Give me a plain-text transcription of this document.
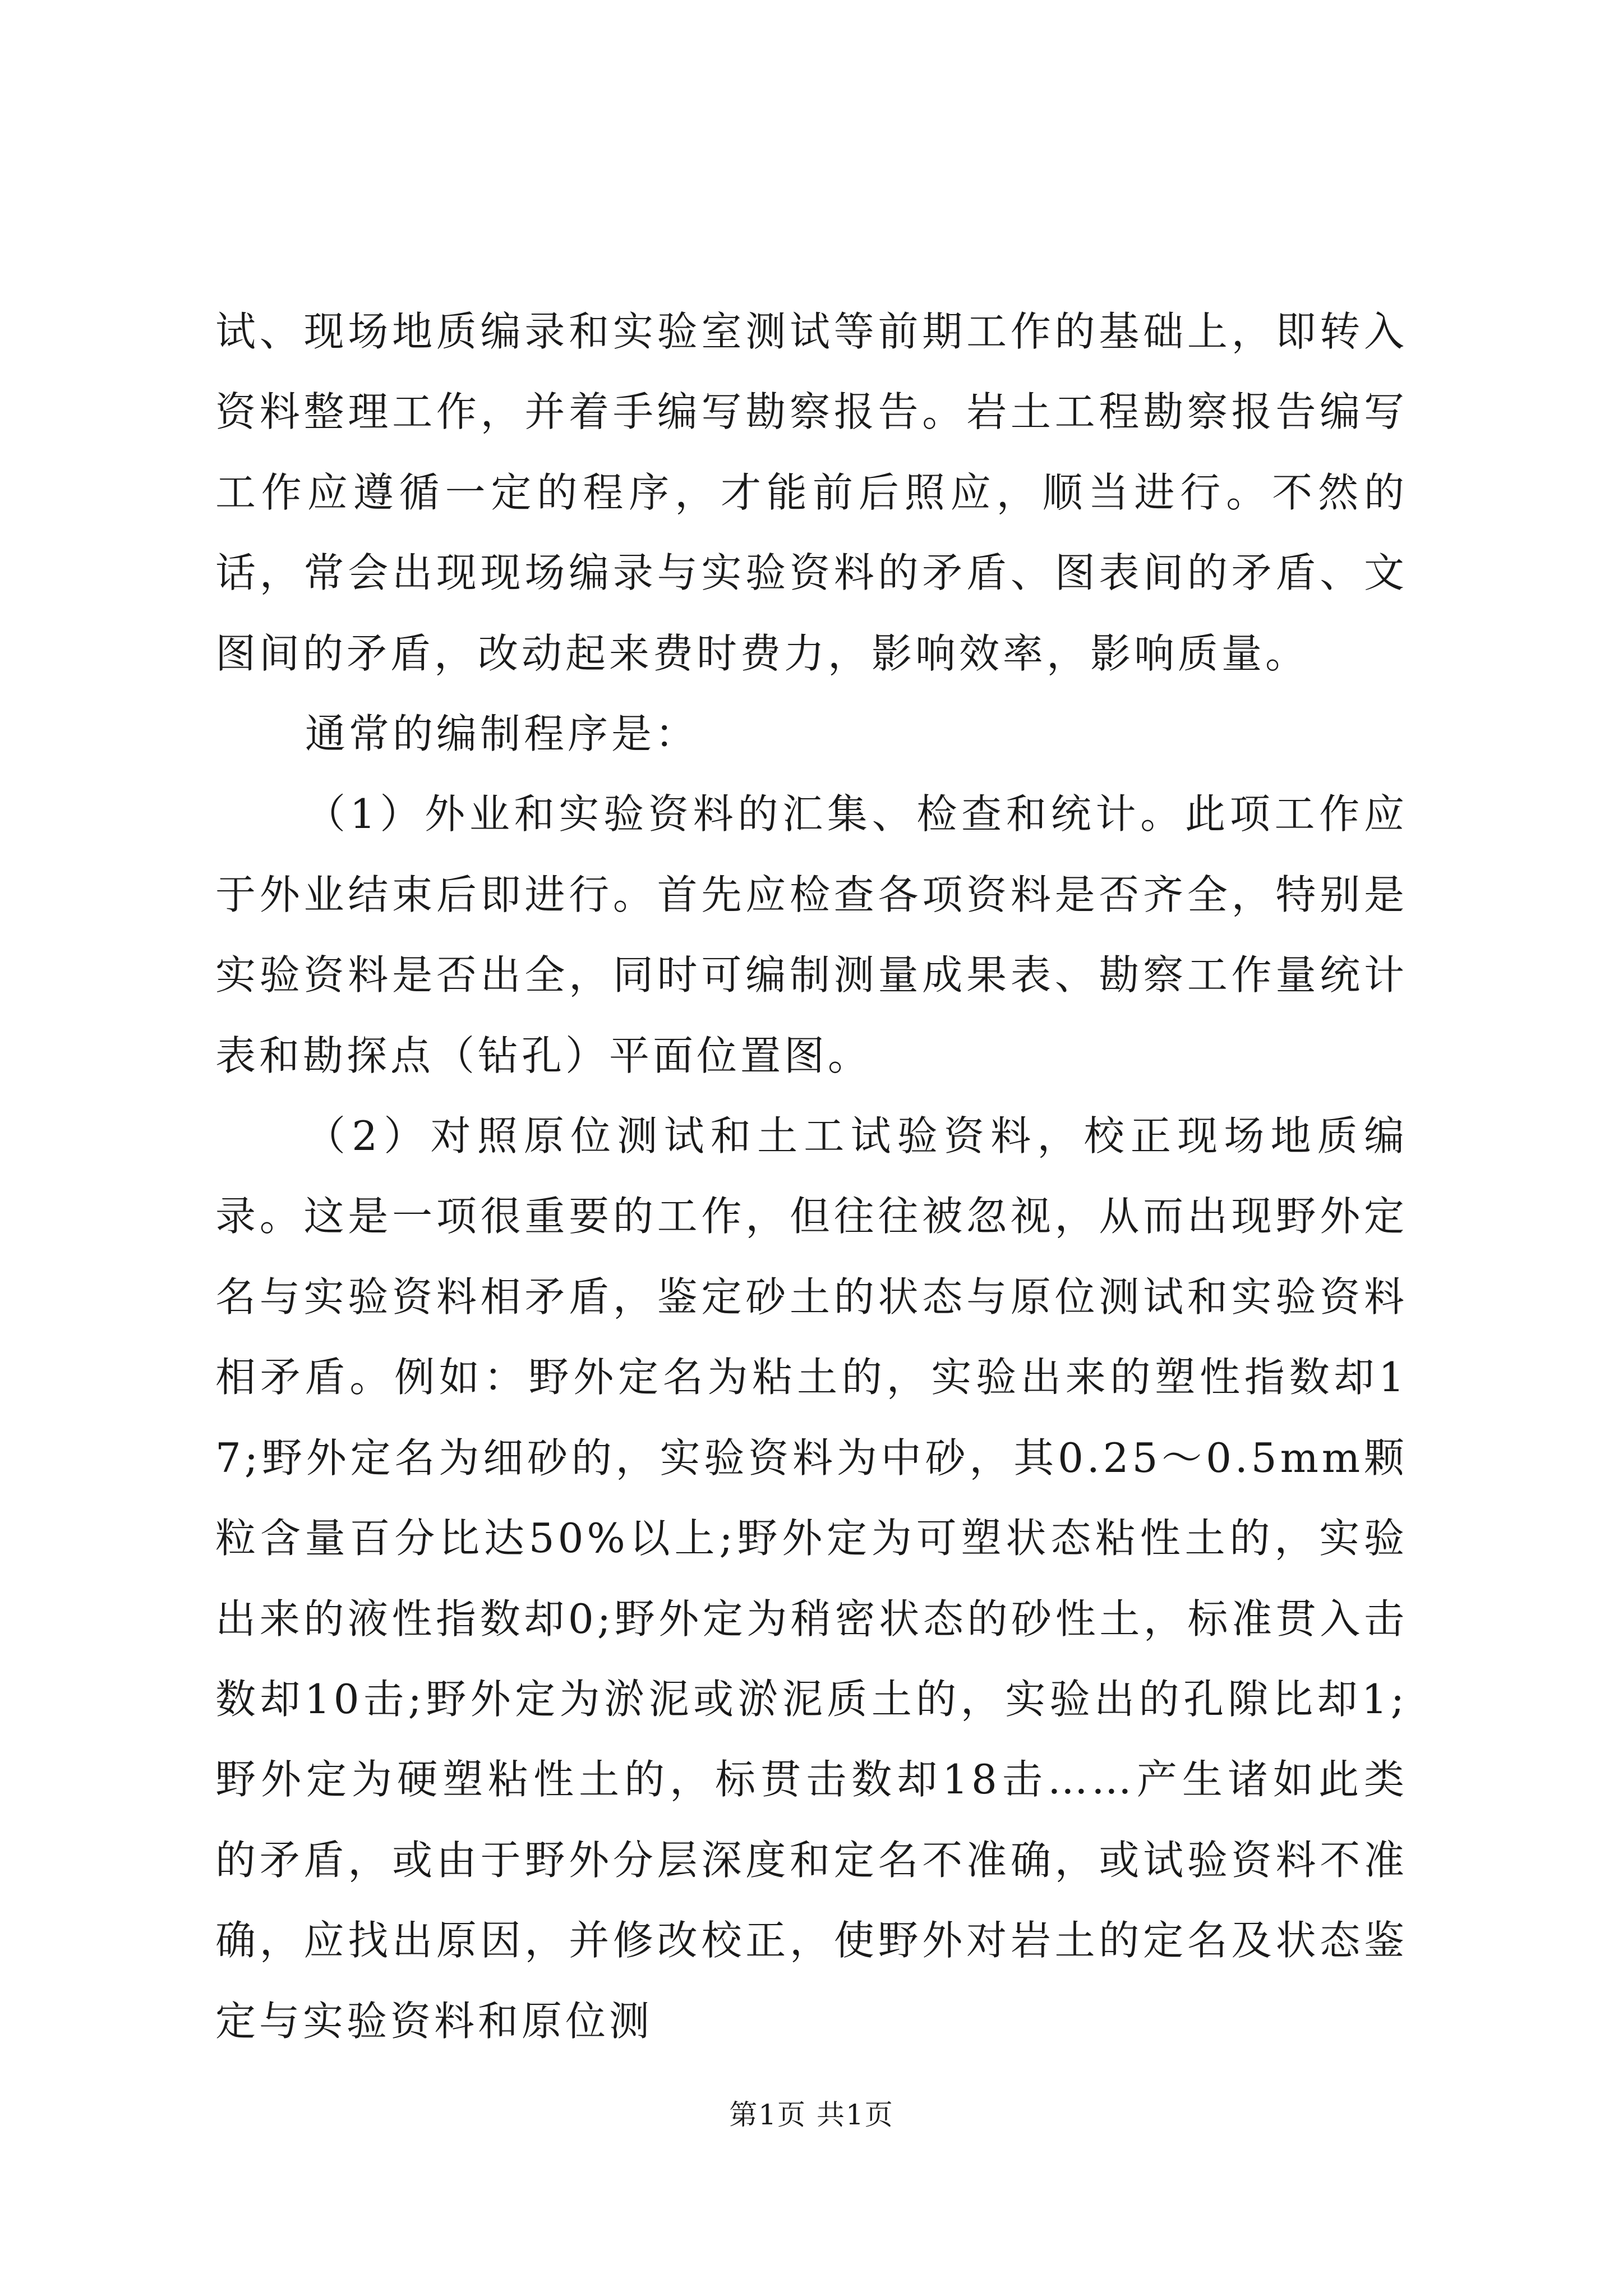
试、现场地质编录和实验室测试等前期工作的基础上，即转入资料整理工作，并着手编写勘察报告。岩土工程勘察报告编写工作应遵循一定的程序，才能前后照应，顺当进行。不然的话，常会出现现场编录与实验资料的矛盾、图表间的矛盾、文图间的矛盾，改动起来费时费力，影响效率，影响质量。

通常的编制程序是：

（1）外业和实验资料的汇集、检查和统计。此项工作应于外业结束后即进行。首先应检查各项资料是否齐全，特别是实验资料是否出全，同时可编制测量成果表、勘察工作量统计表和勘探点（钻孔）平面位置图。

（2）对照原位测试和土工试验资料，校正现场地质编录。这是一项很重要的工作，但往往被忽视，从而出现野外定名与实验资料相矛盾，鉴定砂土的状态与原位测试和实验资料相矛盾。例如：野外定名为粘土的，实验出来的塑性指数却17;野外定名为细砂的，实验资料为中砂，其0.25～0.5mm颗粒含量百分比达50%以上;野外定为可塑状态粘性土的，实验出来的液性指数却0;野外定为稍密状态的砂性土，标准贯入击数却10击;野外定为淤泥或淤泥质土的，实验出的孔隙比却1;野外定为硬塑粘性土的，标贯击数却18击……产生诸如此类的矛盾，或由于野外分层深度和定名不准确，或试验资料不准确，应找出原因，并修改校正，使野外对岩土的定名及状态鉴定与实验资料和原位测

第1页 共1页
